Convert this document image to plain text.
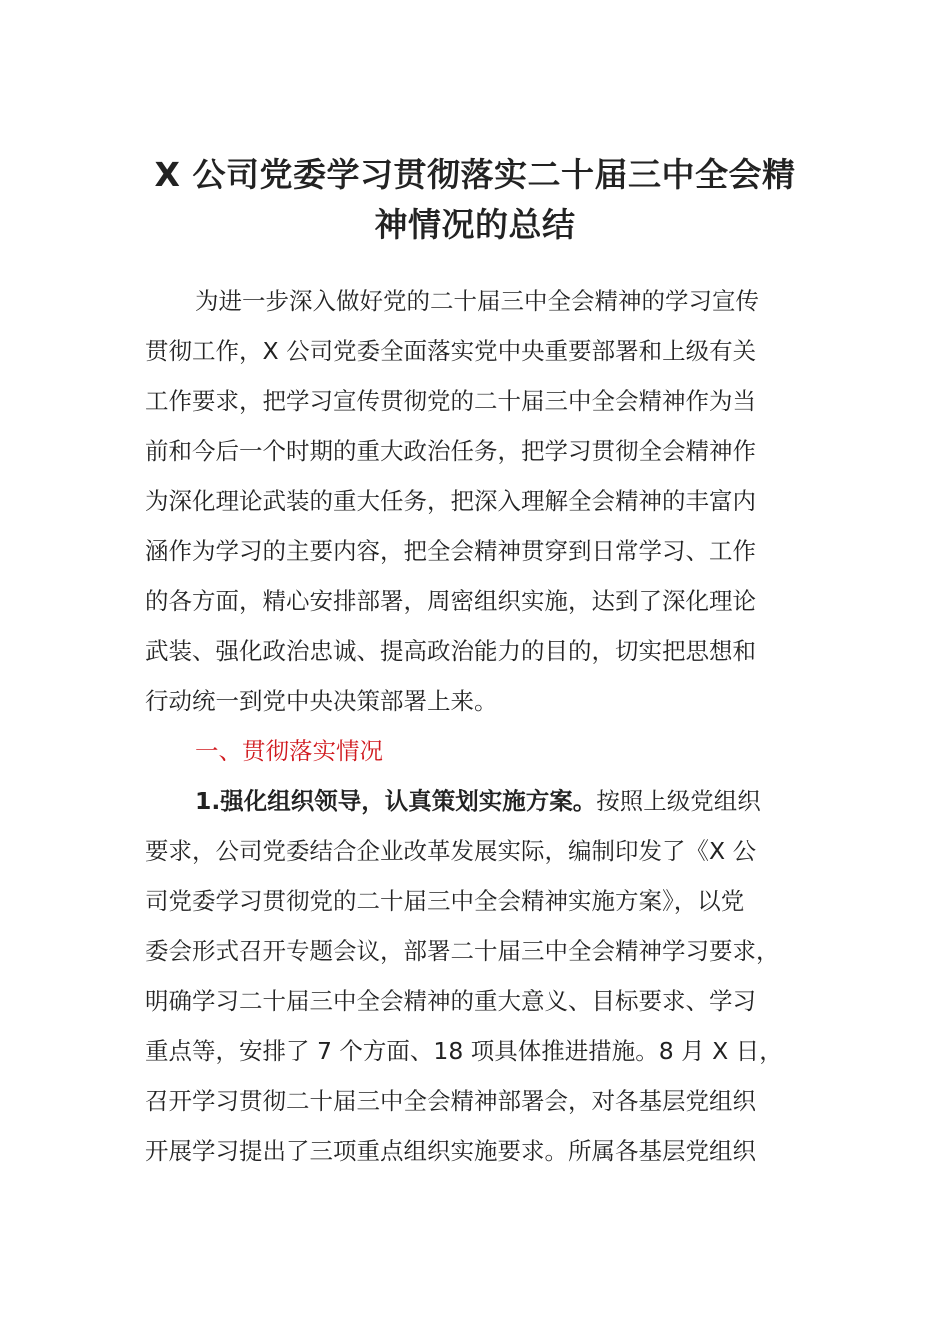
X 公司党委学习贯彻落实二十届三中全会精
神情况的总结
为进一步深入做好党的二十届三中全会精神的学习宣传
贯彻工作，X 公司党委全面落实党中央重要部署和上级有关
工作要求，把学习宣传贯彻党的二十届三中全会精神作为当
前和今后一个时期的重大政治任务，把学习贯彻全会精神作
为深化理论武装的重大任务，把深入理解全会精神的丰富内
涵作为学习的主要内容，把全会精神贯穿到日常学习、工作
的各方面，精心安排部署，周密组织实施，达到了深化理论
武装、强化政治忠诚、提高政治能力的目的，切实把思想和
行动统一到党中央决策部署上来。
一、贯彻落实情况
1.强化组织领导，认真策划实施方案。按照上级党组织
要求，公司党委结合企业改革发展实际，编制印发了《X 公
司党委学习贯彻党的二十届三中全会精神实施方案》，以党
委会形式召开专题会议，部署二十届三中全会精神学习要求，
明确学习二十届三中全会精神的重大意义、目标要求、学习
重点等，安排了 7 个方面、18 项具体推进措施。8 月 X 日，
召开学习贯彻二十届三中全会精神部署会，对各基层党组织
开展学习提出了三项重点组织实施要求。所属各基层党组织
